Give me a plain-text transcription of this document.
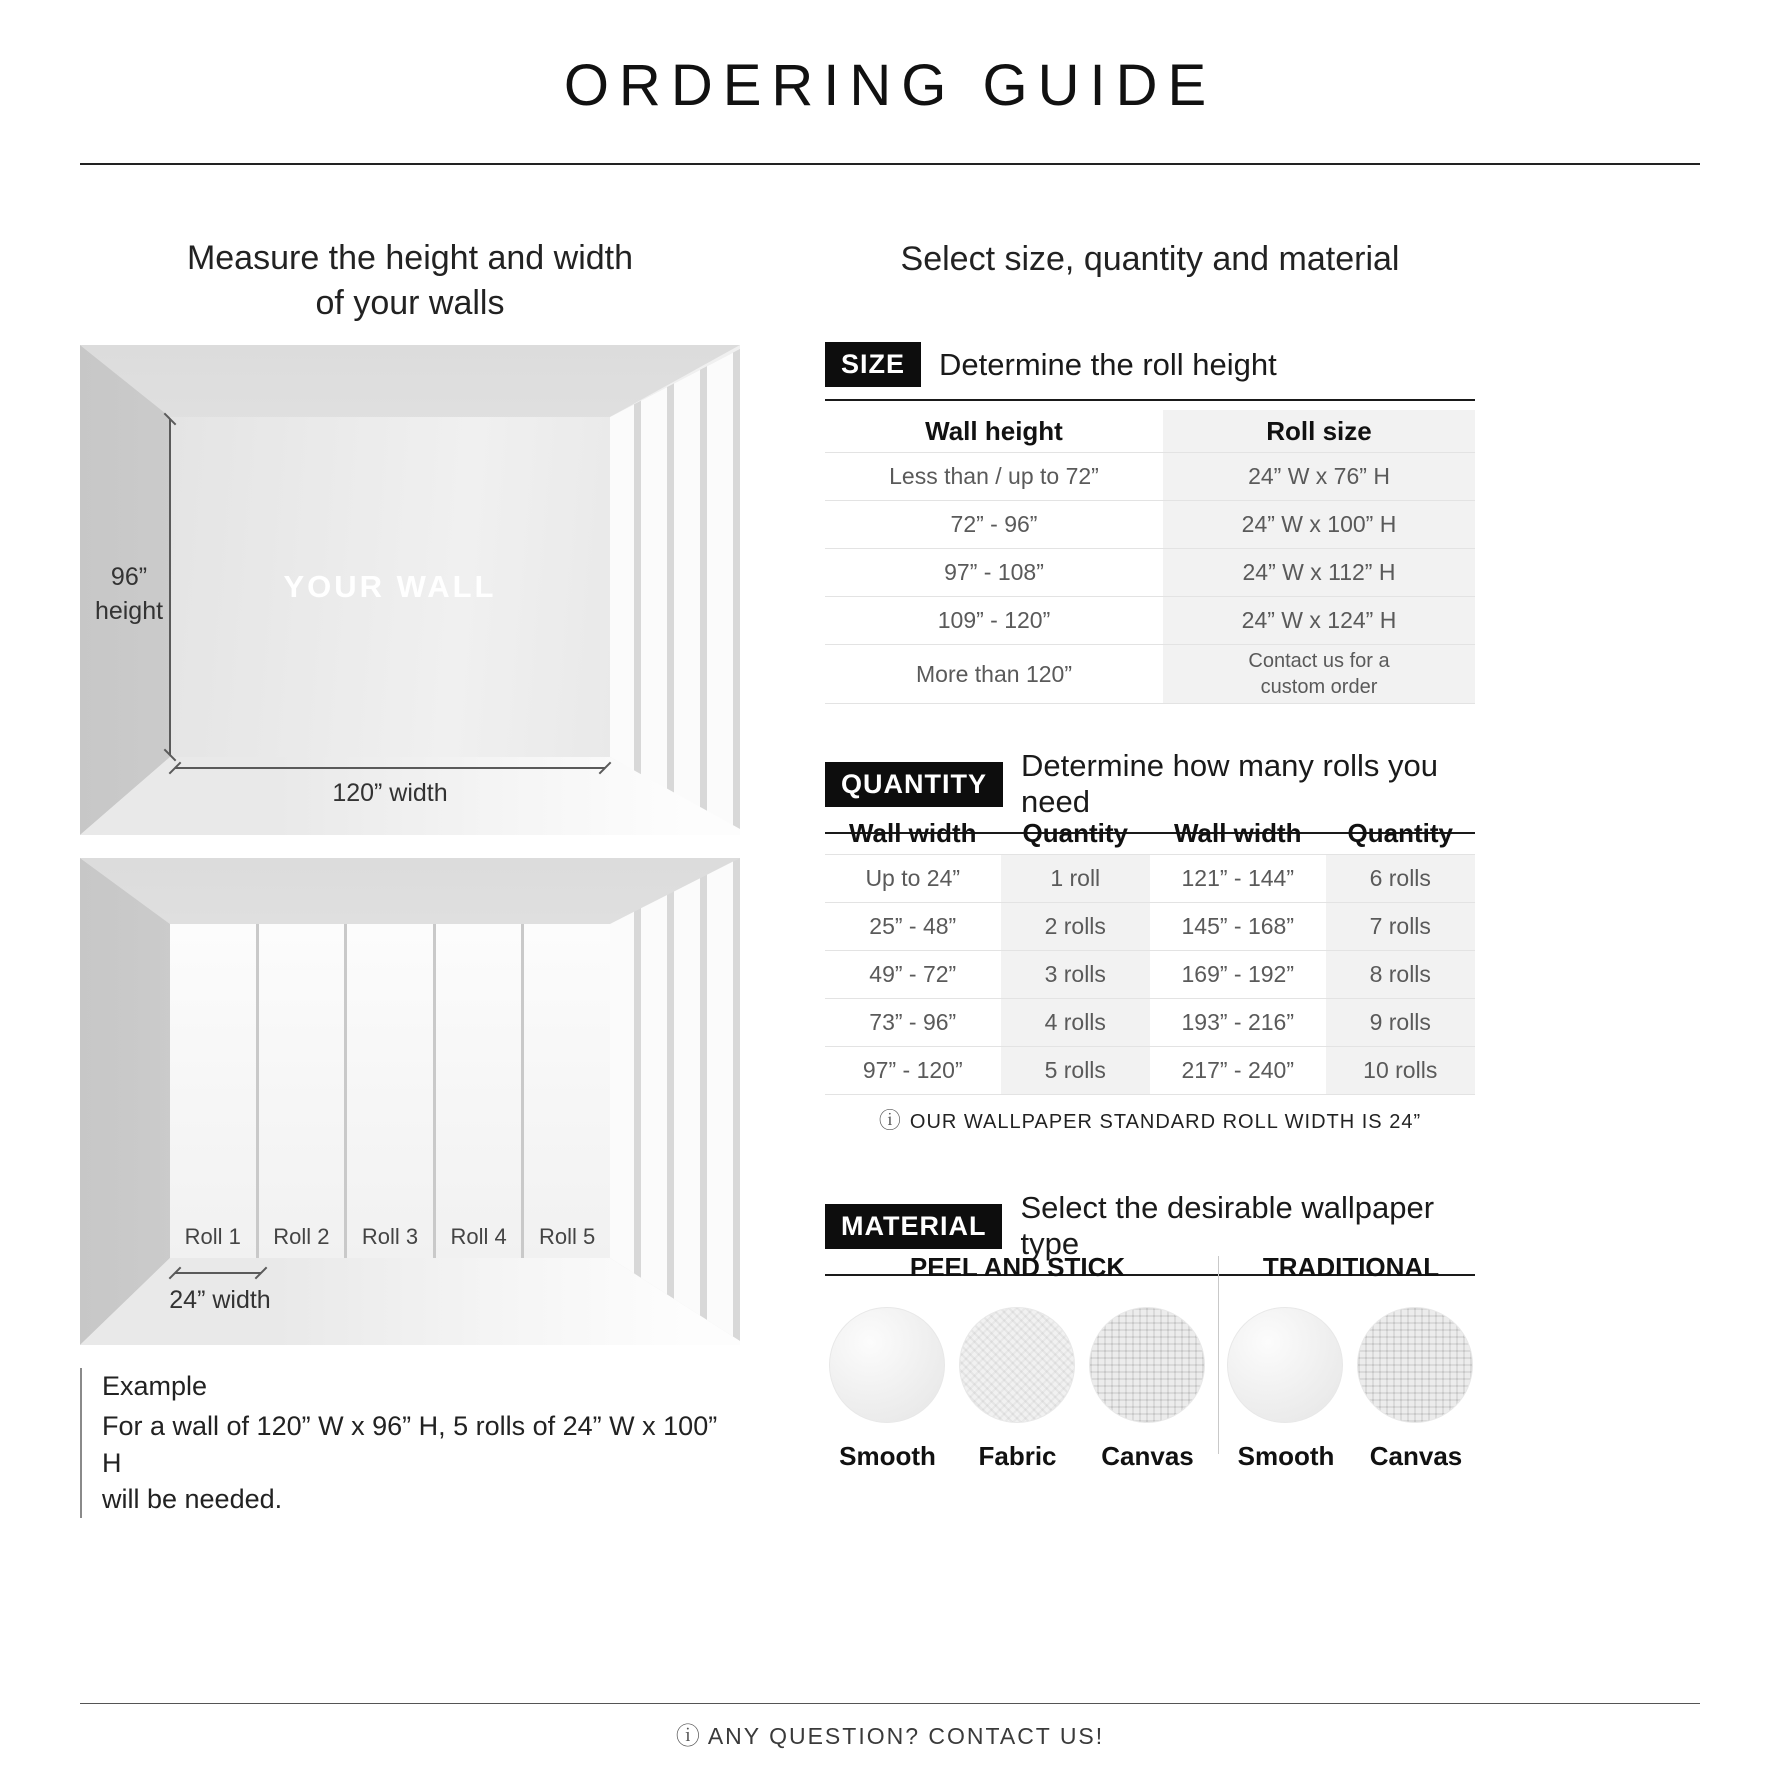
ORDERING GUIDE
Measure the height and width
of your walls
Select size, quantity and material
YOUR WALL
96” height
120” width
Roll 1 Roll 2 Roll 3 Roll 4 Roll 5
24” width
Example
For a wall of 120” W x 96” H, 5 rolls of 24” W x 100” H
will be needed.
SIZE	Determine the roll height
Wall height	Roll size
Less than / up to 72”	24” W x 76” H
72” - 96”	24” W x 100” H
97” - 108”	24” W x 112” H
109” - 120”	24” W x 124” H
More than 120”	Contact us for a custom order
QUANTITY
Determine how many rolls you need
Wall width	Quantity	Wall width	Quantity
Up to 24”	1 roll	121” - 144”	6 rolls
25” - 48”	2 rolls	145” - 168”	7 rolls
49” - 72”	3 rolls	169” - 192”	8 rolls
73” - 96”	4 rolls	193” - 216”	9 rolls
97” - 120”	5 rolls	217” - 240”	10 rolls
ⓘ OUR WALLPAPER STANDARD ROLL WIDTH IS 24”
MATERIAL
Select the desirable wallpaper type
PEEL AND STICK
Smooth	Fabric	Canvas
TRADITIONAL
Smooth	Canvas
ⓘ ANY QUESTION? CONTACT US!
